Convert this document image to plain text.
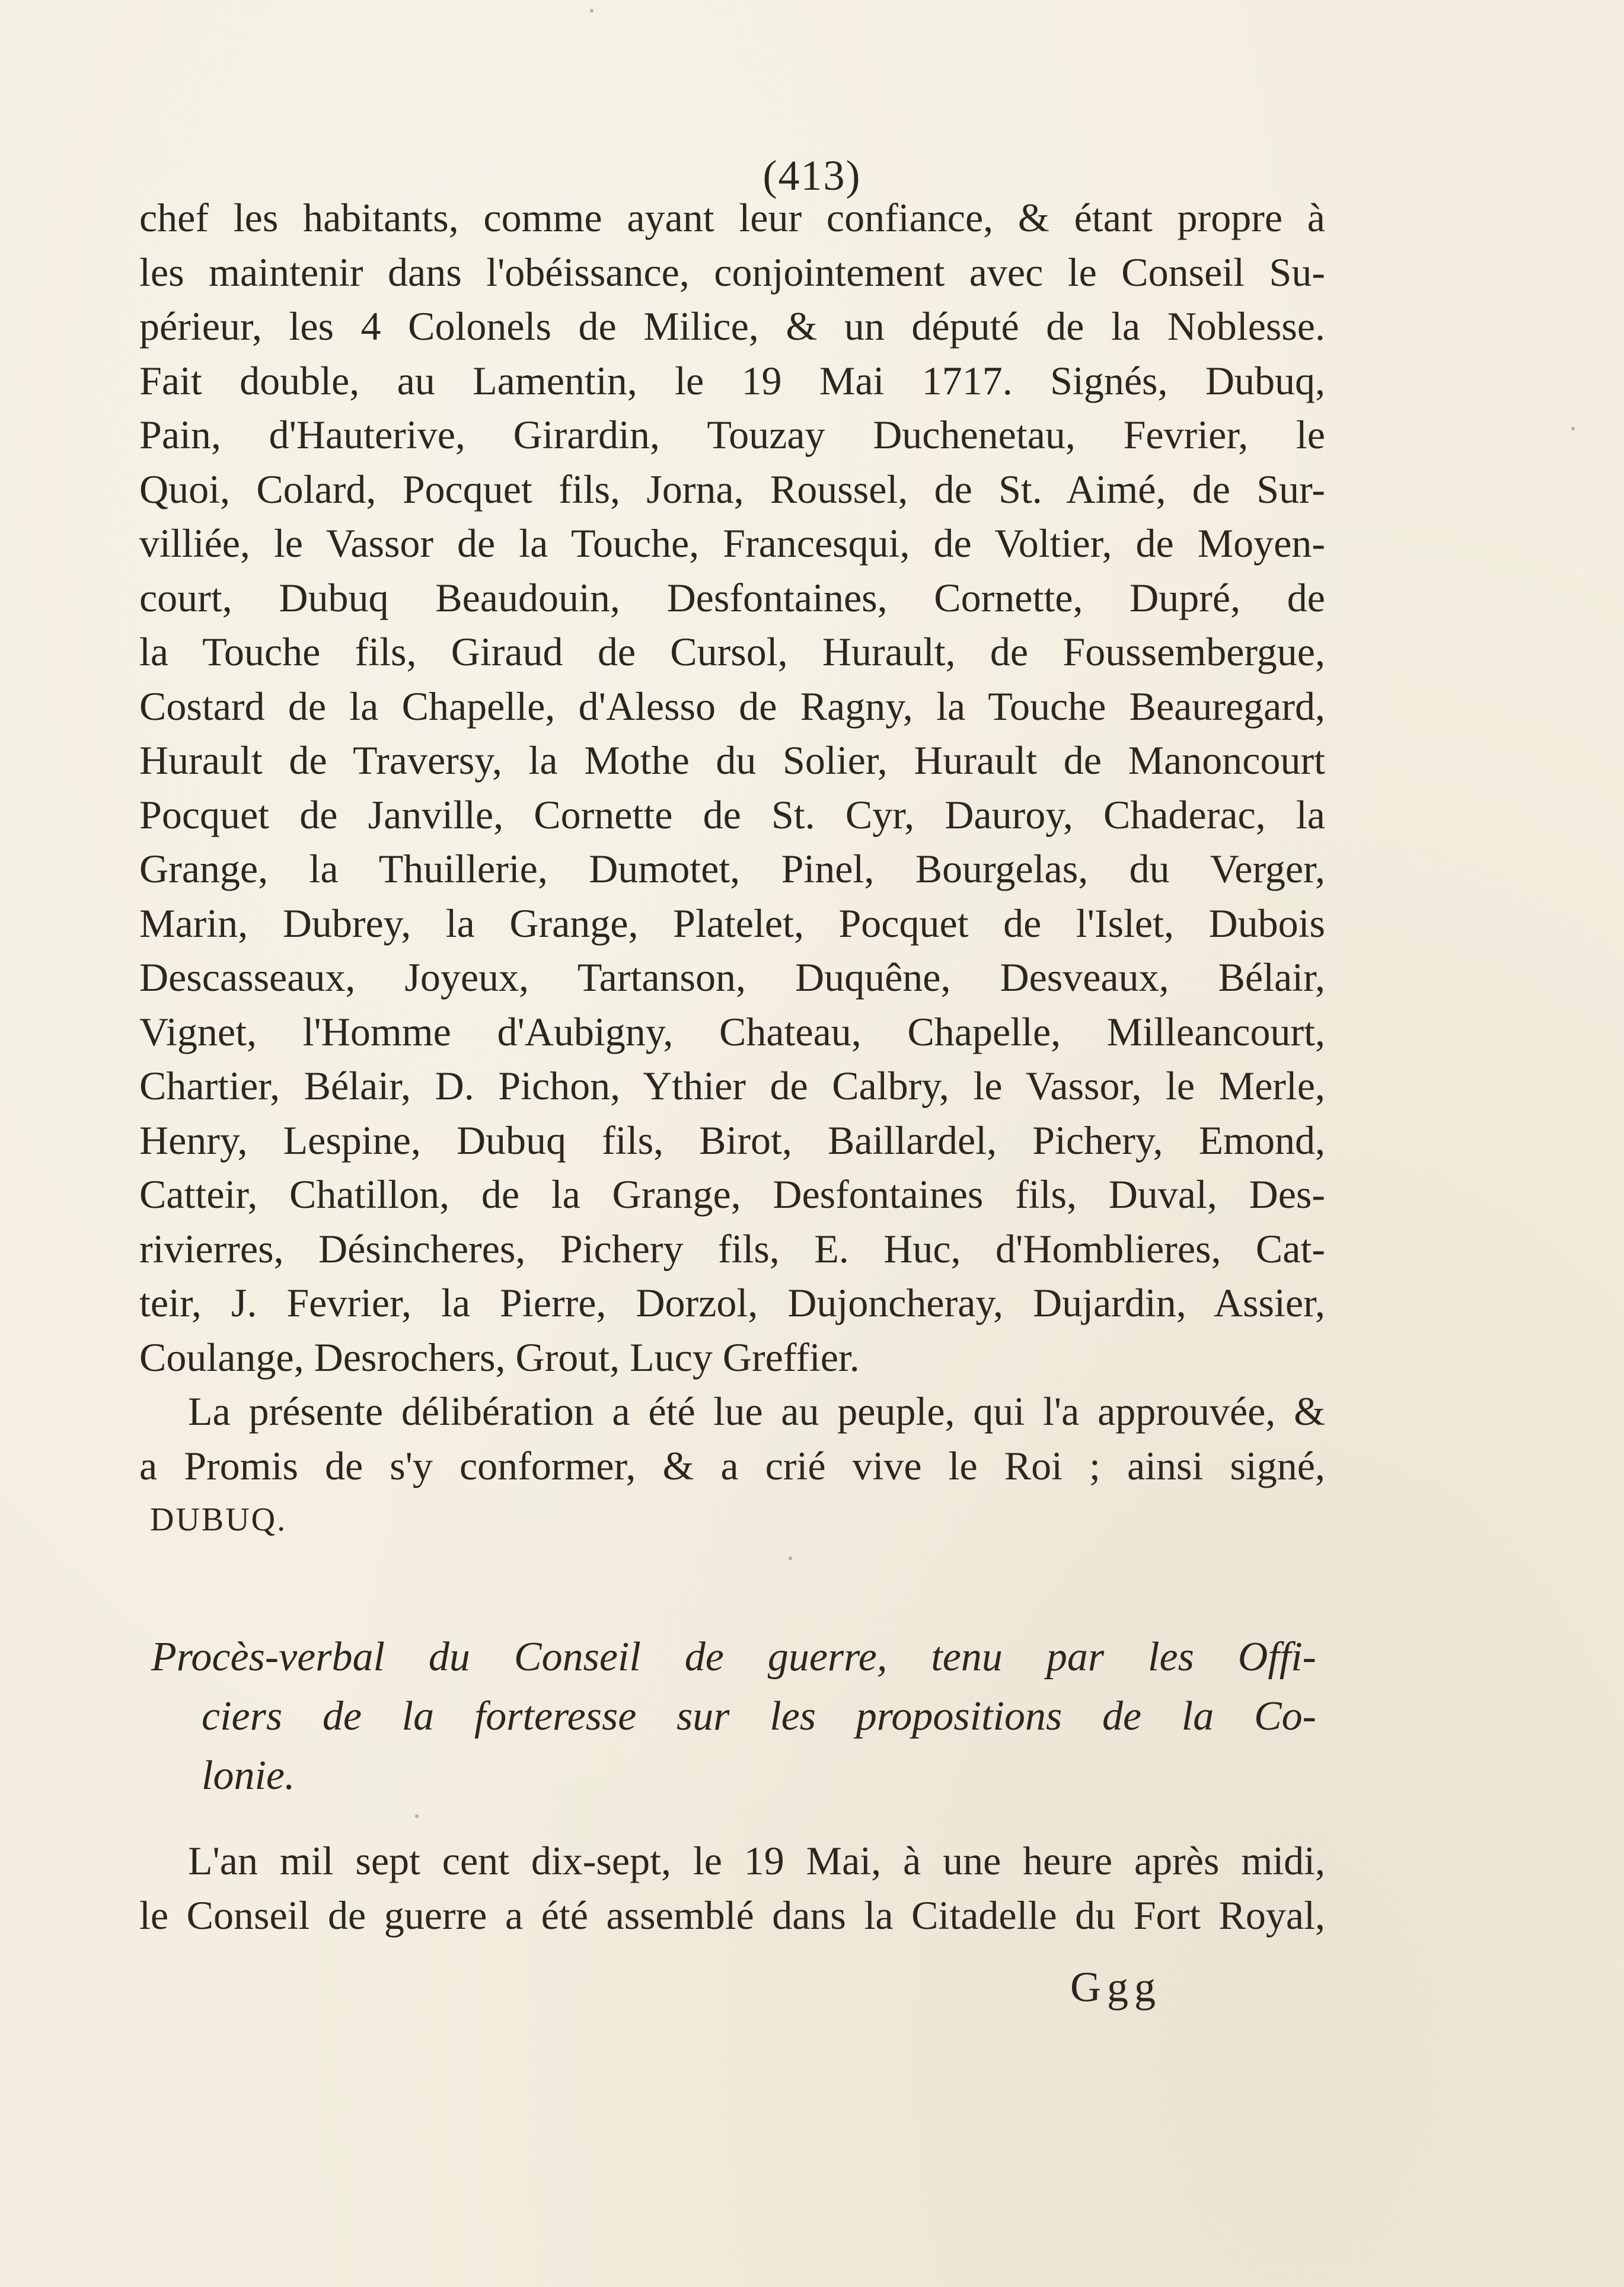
(413)
chef les habitants, comme ayant leur confiance, & étant propre à
les maintenir dans l'obéissance, conjointement avec le Conseil Su-
périeur, les 4 Colonels de Milice, & un député de la Noblesse.
Fait double, au Lamentin, le 19 Mai 1717. Signés, Dubuq,
Pain, d'Hauterive, Girardin, Touzay Duchenetau, Fevrier, le
Quoi, Colard, Pocquet fils, Jorna, Roussel, de St. Aimé, de Sur-
villiée, le Vassor de la Touche, Francesqui, de Voltier, de Moyen-
court, Dubuq Beaudouin, Desfontaines, Cornette, Dupré, de
la Touche fils, Giraud de Cursol, Hurault, de Foussembergue,
Costard de la Chapelle, d'Alesso de Ragny, la Touche Beauregard,
Hurault de Traversy, la Mothe du Solier, Hurault de Manoncourt
Pocquet de Janville, Cornette de St. Cyr, Dauroy, Chaderac, la
Grange, la Thuillerie, Dumotet, Pinel, Bourgelas, du Verger,
Marin, Dubrey, la Grange, Platelet, Pocquet de l'Islet, Dubois
Descasseaux, Joyeux, Tartanson, Duquêne, Desveaux, Bélair,
Vignet, l'Homme d'Aubigny, Chateau, Chapelle, Milleancourt,
Chartier, Bélair, D. Pichon, Ythier de Calbry, le Vassor, le Merle,
Henry, Lespine, Dubuq fils, Birot, Baillardel, Pichery, Emond,
Catteir, Chatillon, de la Grange, Desfontaines fils, Duval, Des-
rivierres, Désincheres, Pichery fils, E. Huc, d'Homblieres, Cat-
teir, J. Fevrier, la Pierre, Dorzol, Dujoncheray, Dujardin, Assier,
Coulange, Desrochers, Grout, Lucy Greffier.
La présente délibération a été lue au peuple, qui l'a approuvée, &
a Promis de s'y conformer, & a crié vive le Roi ; ainsi signé,
DUBUQ.
Procès-verbal du Conseil de guerre, tenu par les Offi-
ciers de la forteresse sur les propositions de la Co-
lonie.
L'an mil sept cent dix-sept, le 19 Mai, à une heure après midi,
le Conseil de guerre a été assemblé dans la Citadelle du Fort Royal,
Ggg
